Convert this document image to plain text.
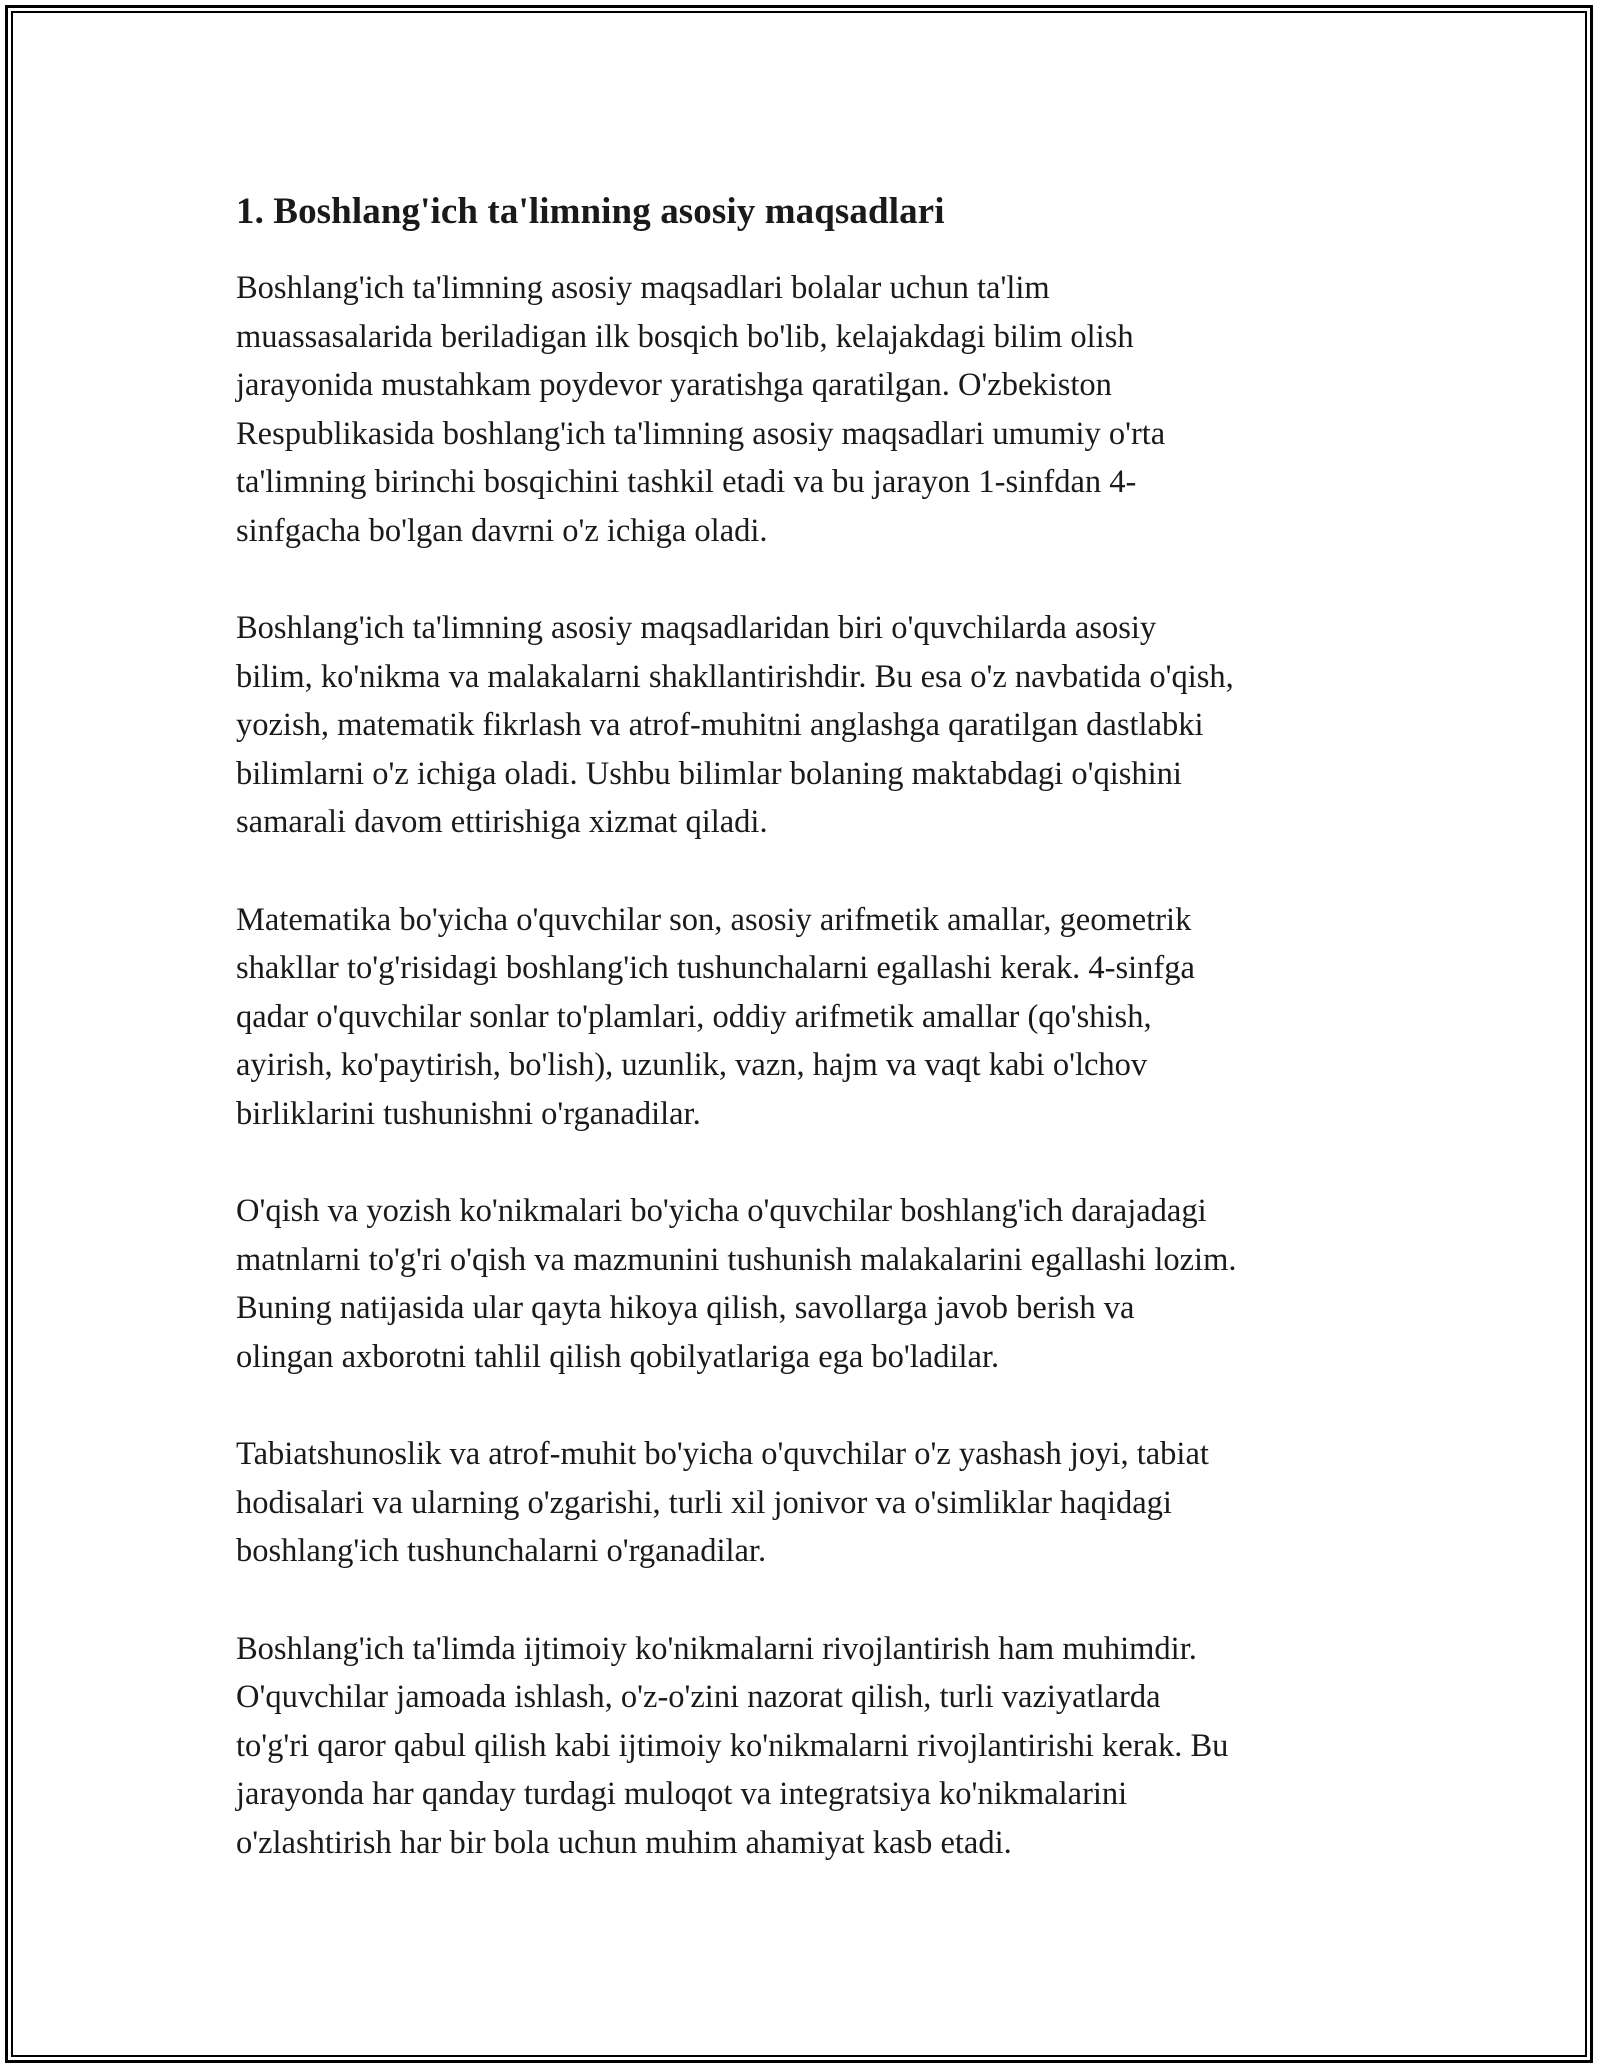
1. Boshlang'ich ta'limning asosiy maqsadlari

Boshlang'ich ta'limning asosiy maqsadlari bolalar uchun ta'lim
muassasalarida beriladigan ilk bosqich bo'lib, kelajakdagi bilim olish
jarayonida mustahkam poydevor yaratishga qaratilgan. O'zbekiston
Respublikasida boshlang'ich ta'limning asosiy maqsadlari umumiy o'rta
ta'limning birinchi bosqichini tashkil etadi va bu jarayon 1-sinfdan 4-
sinfgacha bo'lgan davrni o'z ichiga oladi.

Boshlang'ich ta'limning asosiy maqsadlaridan biri o'quvchilarda asosiy
bilim, ko'nikma va malakalarni shakllantirishdir. Bu esa o'z navbatida o'qish,
yozish, matematik fikrlash va atrof-muhitni anglashga qaratilgan dastlabki
bilimlarni o'z ichiga oladi. Ushbu bilimlar bolaning maktabdagi o'qishini
samarali davom ettirishiga xizmat qiladi.

Matematika bo'yicha o'quvchilar son, asosiy arifmetik amallar, geometrik
shakllar to'g'risidagi boshlang'ich tushunchalarni egallashi kerak. 4-sinfga
qadar o'quvchilar sonlar to'plamlari, oddiy arifmetik amallar (qo'shish,
ayirish, ko'paytirish, bo'lish), uzunlik, vazn, hajm va vaqt kabi o'lchov
birliklarini tushunishni o'rganadilar.

O'qish va yozish ko'nikmalari bo'yicha o'quvchilar boshlang'ich darajadagi
matnlarni to'g'ri o'qish va mazmunini tushunish malakalarini egallashi lozim.
Buning natijasida ular qayta hikoya qilish, savollarga javob berish va
olingan axborotni tahlil qilish qobilyatlariga ega bo'ladilar.

Tabiatshunoslik va atrof-muhit bo'yicha o'quvchilar o'z yashash joyi, tabiat
hodisalari va ularning o'zgarishi, turli xil jonivor va o'simliklar haqidagi
boshlang'ich tushunchalarni o'rganadilar.

Boshlang'ich ta'limda ijtimoiy ko'nikmalarni rivojlantirish ham muhimdir.
O'quvchilar jamoada ishlash, o'z-o'zini nazorat qilish, turli vaziyatlarda
to'g'ri qaror qabul qilish kabi ijtimoiy ko'nikmalarni rivojlantirishi kerak. Bu
jarayonda har qanday turdagi muloqot va integratsiya ko'nikmalarini
o'zlashtirish har bir bola uchun muhim ahamiyat kasb etadi.
